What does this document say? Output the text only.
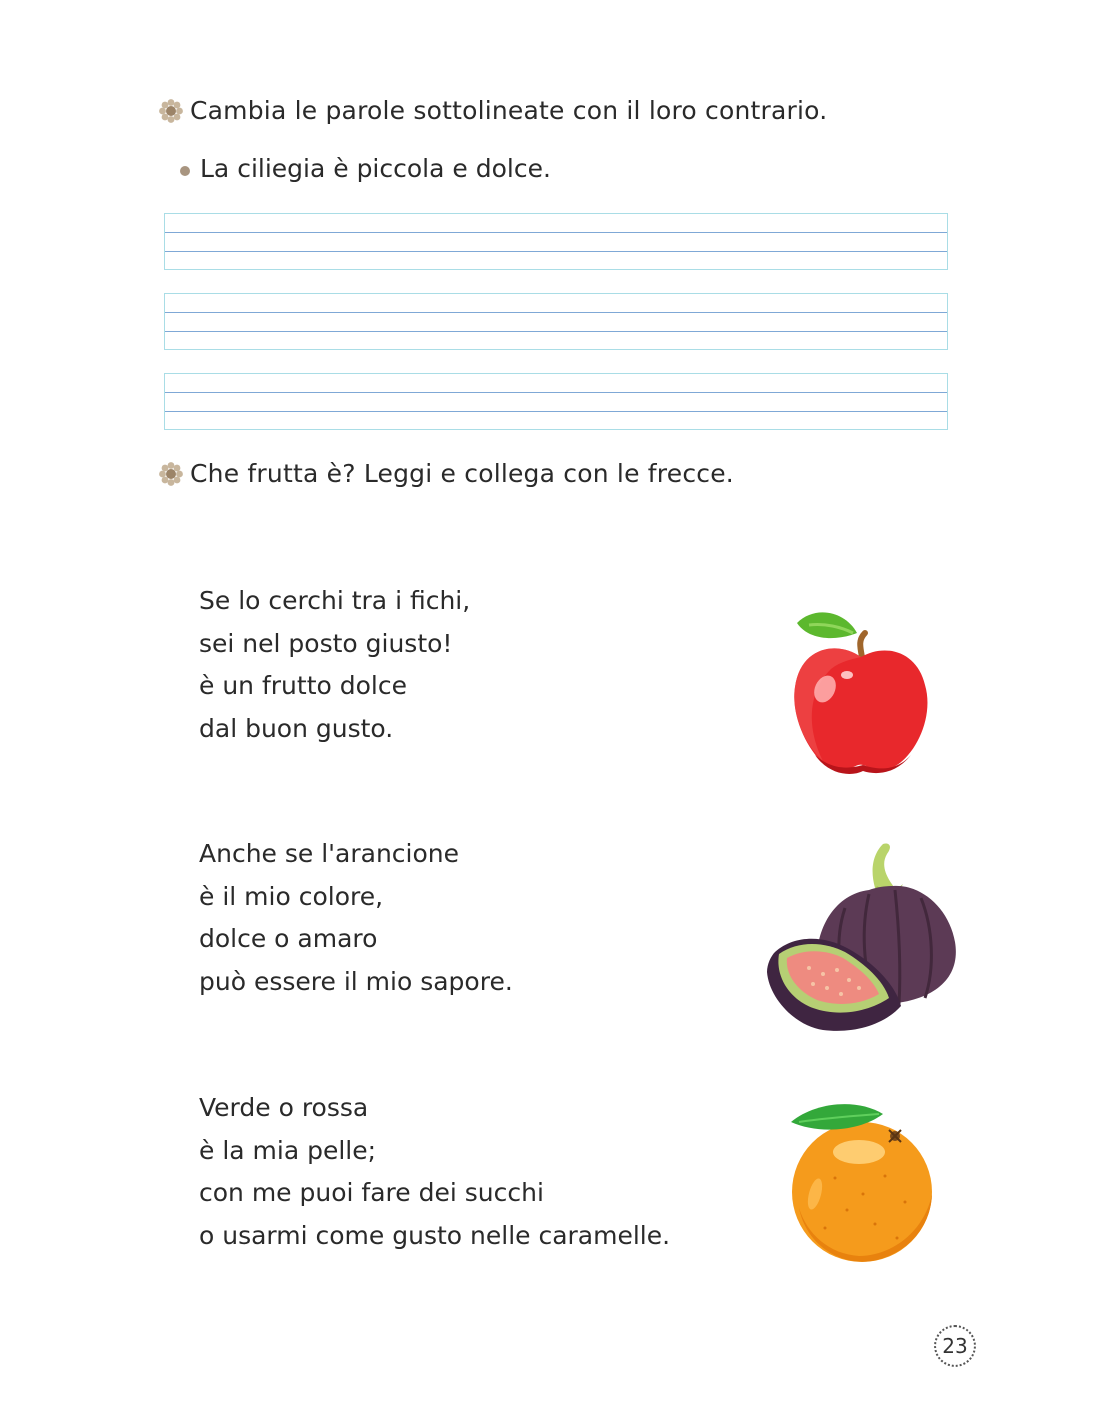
Cambia le parole sottolineate con il loro contrario.
La ciliegia è piccola e dolce.
Che frutta è? Leggi e collega con le frecce.
Se lo cerchi tra i fichi,
sei nel posto giusto!
è un frutto dolce
dal buon gusto.
Anche se l'arancione
è il mio colore,
dolce o amaro
può essere il mio sapore.
Verde o rossa
è la mia pelle;
con me puoi fare dei succhi
o usarmi come gusto nelle caramelle.
23
